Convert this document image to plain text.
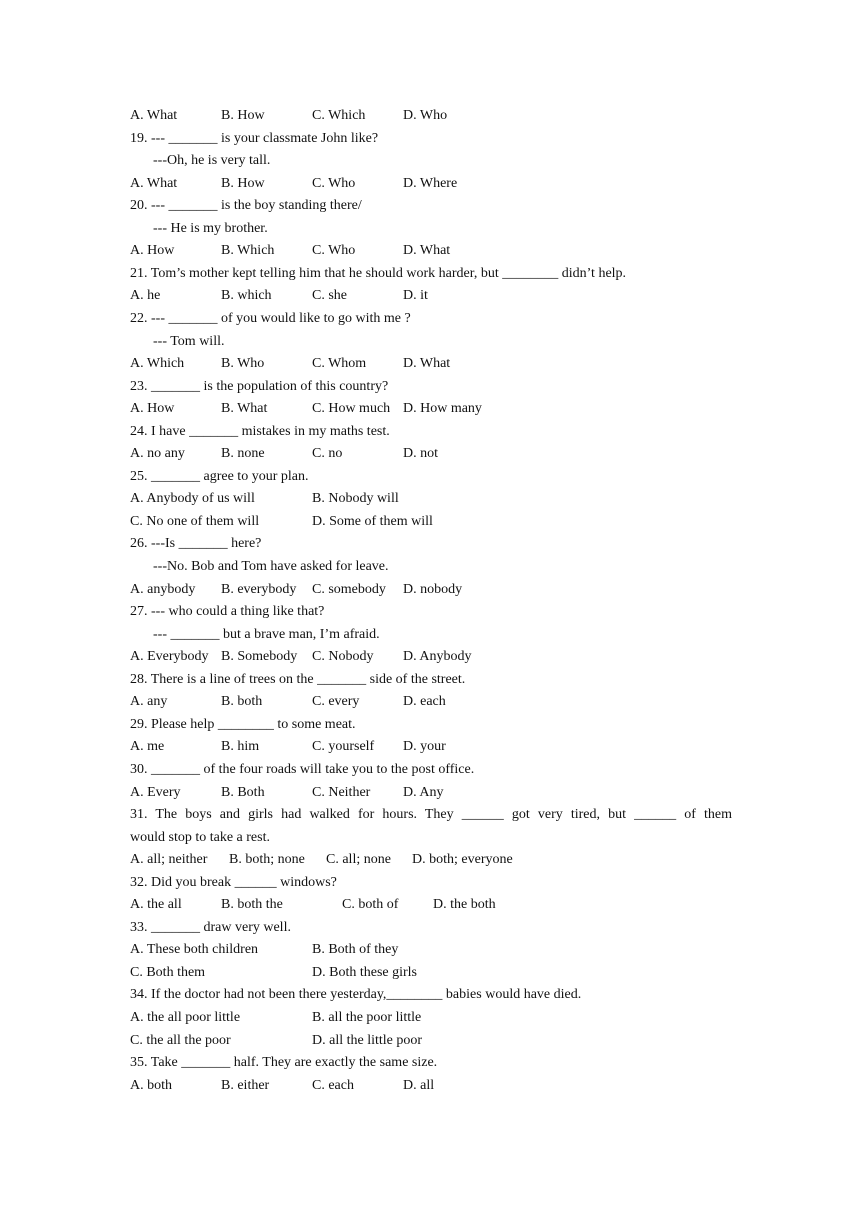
A. What	B. How	C. Which	D. Who
19. --- _______ is your classmate John like?
---Oh, he is very tall.
A. What	B. How	C. Who	D. Where
20. --- _______ is the boy standing there/
--- He is my brother.
A. How	B. Which	C. Who	D. What
21. Tom’s mother kept telling him that he should work harder, but ________ didn’t help.
A. he	B. which	C. she	D. it
22. --- _______ of you would like to go with me ?
--- Tom will.
A. Which	B. Who	C. Whom	D. What
23. _______ is the population of this country?
A. How	B. What	C. How much D. How many
24. I have _______ mistakes in my maths test.
A. no any	B. none	C. no	D. not
25. _______ agree to your plan.
A. Anybody of us will	B. Nobody will
C. No one of them will	D. Some of them will
26. ---Is _______ here?
---No. Bob and Tom have asked for leave.
A. anybody B. everybody C. somebody D. nobody
27. --- who could a thing like that?
--- _______ but a brave man, I’m afraid.
A. Everybody B. Somebody C. Nobody D. Anybody
28. There is a line of trees on the _______ side of the street.
A. any	B. both	C. every	D. each
29. Please help ________ to some meat.
A. me	B. him	C. yourself D. your
30. _______ of the four roads will take you to the post office.
A. Every	B. Both	C. Neither D. Any
31. The boys and girls had walked for hours. They ______ got very tired, but ______ of them
would stop to take a rest.
A. all; neither B. both; none C. all; none D. both; everyone
32. Did you break ______ windows?
A. the all	B. both the	C. both of D. the both
33. _______ draw very well.
A. These both children	B. Both of they
C. Both them	D. Both these girls
34. If the doctor had not been there yesterday,________ babies would have died.
A. the all poor little	B. all the poor little
C. the all the poor	D. all the little poor
35. Take _______ half. They are exactly the same size.
A. both	B. either	C. each	D. all
